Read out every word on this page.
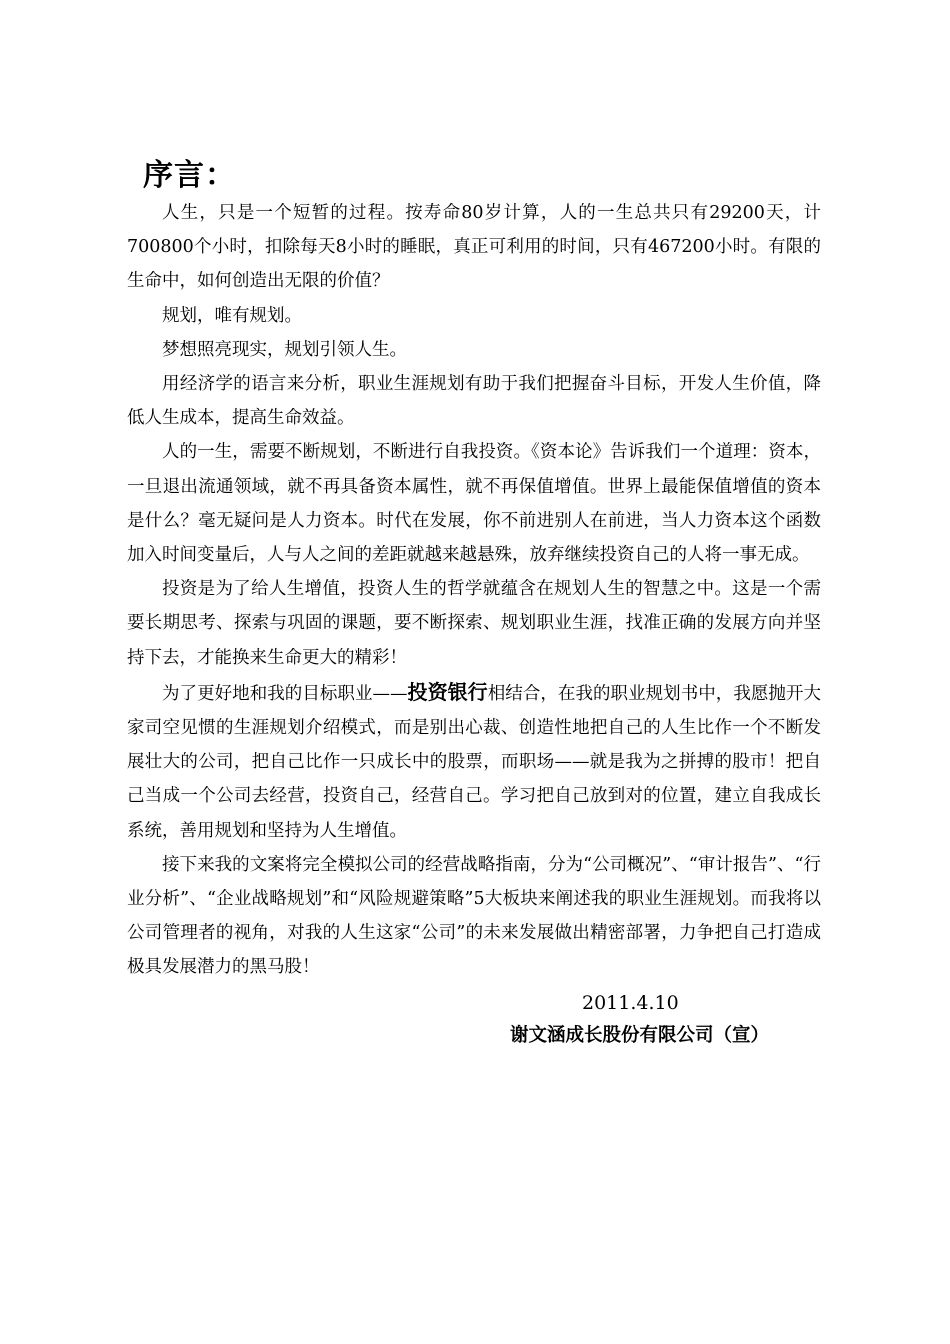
序言：

人生，只是一个短暂的过程。按寿命80岁计算，人的一生总共只有29200天，计700800个小时，扣除每天8小时的睡眠，真正可利用的时间，只有467200小时。有限的生命中，如何创造出无限的价值？

规划，唯有规划。

梦想照亮现实，规划引领人生。

用经济学的语言来分析，职业生涯规划有助于我们把握奋斗目标，开发人生价值，降低人生成本，提高生命效益。

人的一生，需要不断规划，不断进行自我投资。《资本论》告诉我们一个道理：资本，一旦退出流通领域，就不再具备资本属性，就不再保值增值。世界上最能保值增值的资本是什么？毫无疑问是人力资本。时代在发展，你不前进别人在前进，当人力资本这个函数加入时间变量后，人与人之间的差距就越来越悬殊，放弃继续投资自己的人将一事无成。

投资是为了给人生增值，投资人生的哲学就蕴含在规划人生的智慧之中。这是一个需要长期思考、探索与巩固的课题，要不断探索、规划职业生涯，找准正确的发展方向并坚持下去，才能换来生命更大的精彩！

为了更好地和我的目标职业——投资银行相结合，在我的职业规划书中，我愿抛开大家司空见惯的生涯规划介绍模式，而是别出心裁、创造性地把自己的人生比作一个不断发展壮大的公司，把自己比作一只成长中的股票，而职场——就是我为之拼搏的股市！把自己当成一个公司去经营，投资自己，经营自己。学习把自己放到对的位置，建立自我成长系统，善用规划和坚持为人生增值。

接下来我的文案将完全模拟公司的经营战略指南，分为“公司概况”、“审计报告”、“行业分析”、“企业战略规划”和“风险规避策略”5大板块来阐述我的职业生涯规划。而我将以公司管理者的视角，对我的人生这家“公司”的未来发展做出精密部署，力争把自己打造成极具发展潜力的黑马股！

2011.4.10
谢文涵成长股份有限公司（宣）
